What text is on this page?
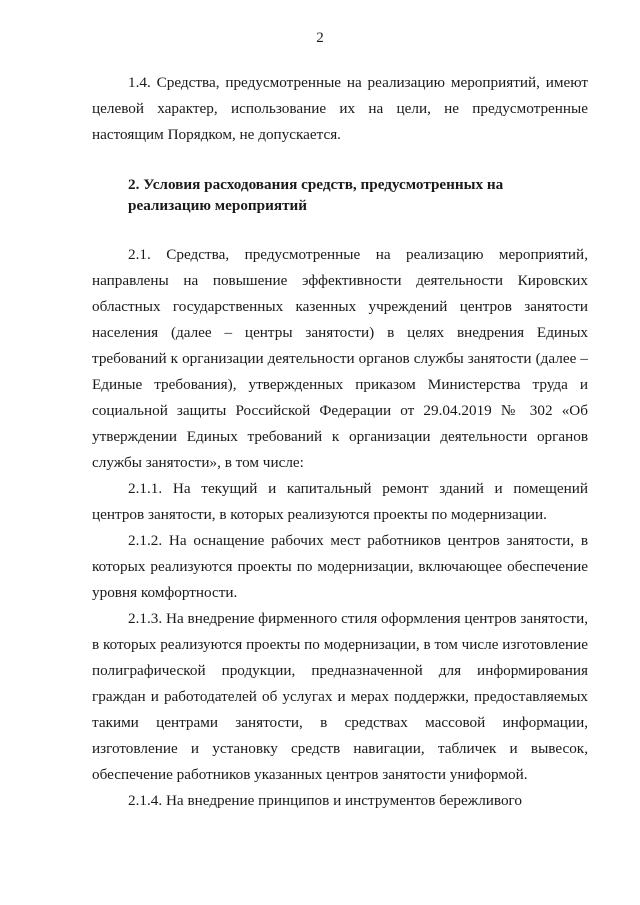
2

1.4. Средства, предусмотренные на реализацию мероприятий, имеют целевой характер, использование их на цели, не предусмотренные настоящим Порядком, не допускается.

2. Условия расходования средств, предусмотренных на реализацию мероприятий

2.1. Средства, предусмотренные на реализацию мероприятий, направлены на повышение эффективности деятельности Кировских областных государственных казенных учреждений центров занятости населения (далее – центры занятости) в целях внедрения Единых требований к организации деятельности органов службы занятости (далее – Единые требования), утвержденных приказом Министерства труда и социальной защиты Российской Федерации от 29.04.2019 № 302 «Об утверждении Единых требований к организации деятельности органов службы занятости», в том числе:

2.1.1. На текущий и капитальный ремонт зданий и помещений центров занятости, в которых реализуются проекты по модернизации.

2.1.2. На оснащение рабочих мест работников центров занятости, в которых реализуются проекты по модернизации, включающее обеспечение уровня комфортности.

2.1.3. На внедрение фирменного стиля оформления центров занятости, в которых реализуются проекты по модернизации, в том числе изготовление полиграфической продукции, предназначенной для информирования граждан и работодателей об услугах и мерах поддержки, предоставляемых такими центрами занятости, в средствах массовой информации, изготовление и установку средств навигации, табличек и вывесок, обеспечение работников указанных центров занятости униформой.

2.1.4. На внедрение принципов и инструментов бережливого
